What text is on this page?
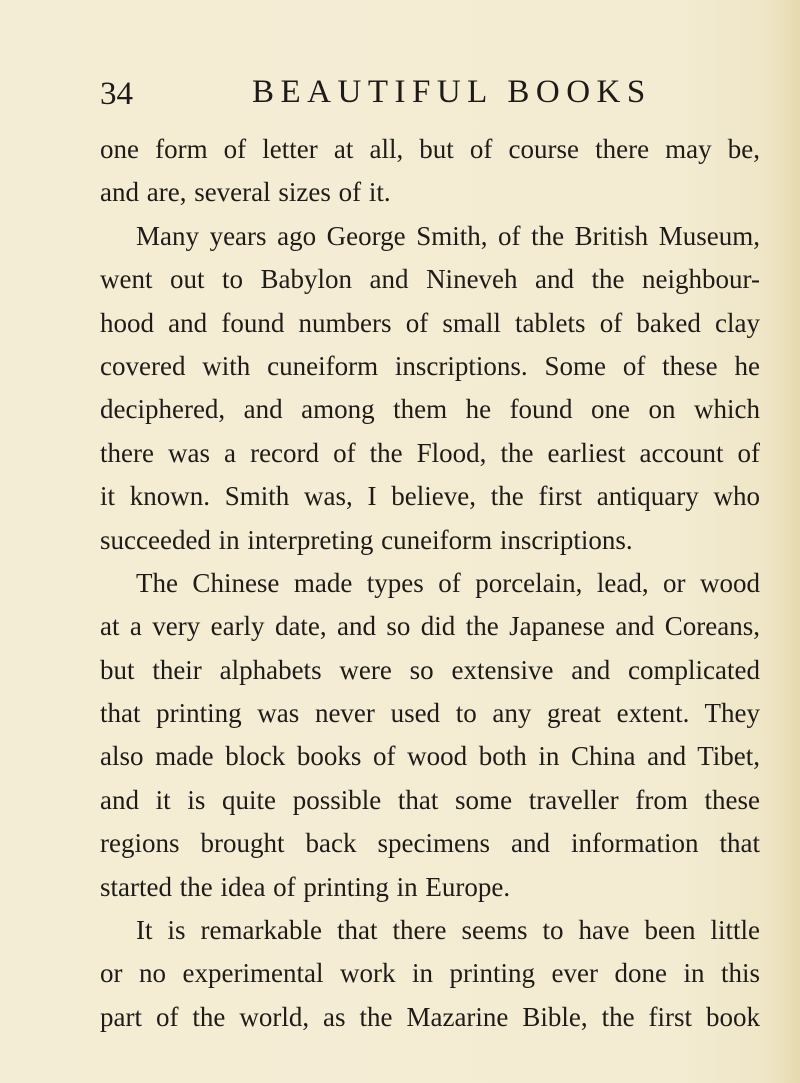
34	BEAUTIFUL BOOKS

one form of letter at all, but of course there may be,
and are, several sizes of it.

Many years ago George Smith, of the British Museum,
went out to Babylon and Nineveh and the neighbour-
hood and found numbers of small tablets of baked clay
covered with cuneiform inscriptions. Some of these he
deciphered, and among them he found one on which
there was a record of the Flood, the earliest account of
it known. Smith was, I believe, the first antiquary who
succeeded in interpreting cuneiform inscriptions.

The Chinese made types of porcelain, lead, or wood
at a very early date, and so did the Japanese and Coreans,
but their alphabets were so extensive and complicated
that printing was never used to any great extent. They
also made block books of wood both in China and Tibet,
and it is quite possible that some traveller from these
regions brought back specimens and information that
started the idea of printing in Europe.

It is remarkable that there seems to have been little
or no experimental work in printing ever done in this
part of the world, as the Mazarine Bible, the first book
